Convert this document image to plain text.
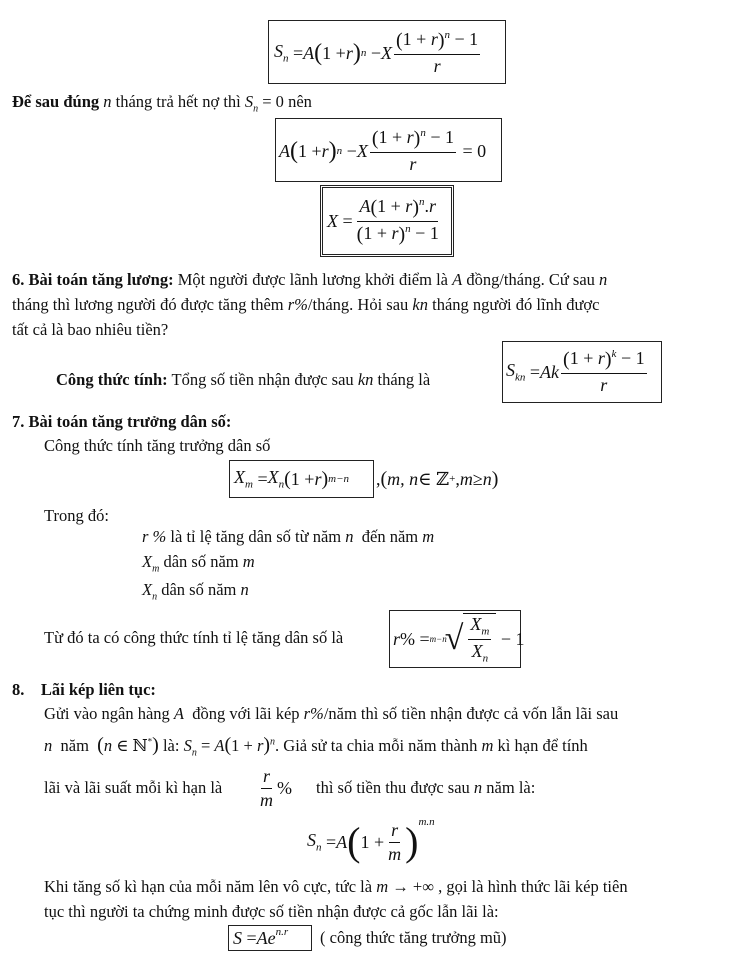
$S_n = A$ ( 1 + r ) n − X $\frac{(1 + r)^n - 1}{r}$
Để sau đúng n tháng trả hết nợ thì $S_n = 0$ nên
A ( 1 + r ) n − X $\frac{(1 + r)^n - 1}{r} = 0$
$X = \frac{A(1 + r)^n.r}{(1 + r)^n - 1}$
6. Bài toán tăng lương: Một người được lãnh lương khởi điểm là A đồng/tháng. Cứ sau n
tháng thì lương người đó được tăng thêm r%/tháng. Hỏi sau kn tháng người đó lĩnh được
tất cả là bao nhiêu tiền?
Công thức tính: Tổng số tiền nhận được sau kn tháng là	$S_{kn} = Ak \frac{(1 + r)^k - 1}{r}$
7. Bài toán tăng trưởng dân số:
Công thức tính tăng trưởng dân số
$X_m = X_n$ ( 1 + r ) m−n , ( m, n ∈ ℤ + , m ≥ n )
Trong đó:
r % là tỉ lệ tăng dân số từ năm n đến năm m
$X_m$ dân số năm m
$X_n$ dân số năm n
Từ đó ta có công thức tính tỉ lệ tăng dân số là	r % = m−n
√ $\frac{X_m}{X_n} - 1$
8. Lãi kép liên tục:
Gửi vào ngân hàng A đồng với lãi kép r%/năm thì số tiền nhận được cả vốn lẫn lãi sau
n năm (n ∈ ℕ*) là: $S_n = A(1 + r)^n$. Giả sử ta chia mỗi năm thành m kì hạn để tính
lãi và lãi suất mỗi kì hạn là $\frac{r}{m}$ % thì số tiền thu được sau n năm là:
$S_n = A$ ( $1 + \frac{r}{m} )^{m.n}$
Khi tăng số kì hạn của mỗi năm lên vô cực, tức là m → +∞ , gọi là hình thức lãi kép tiên
tục thì người ta chứng minh được số tiền nhận được cả gốc lẫn lãi là:
$S = Ae^{n.r}$ ( công thức tăng trưởng mũ)
